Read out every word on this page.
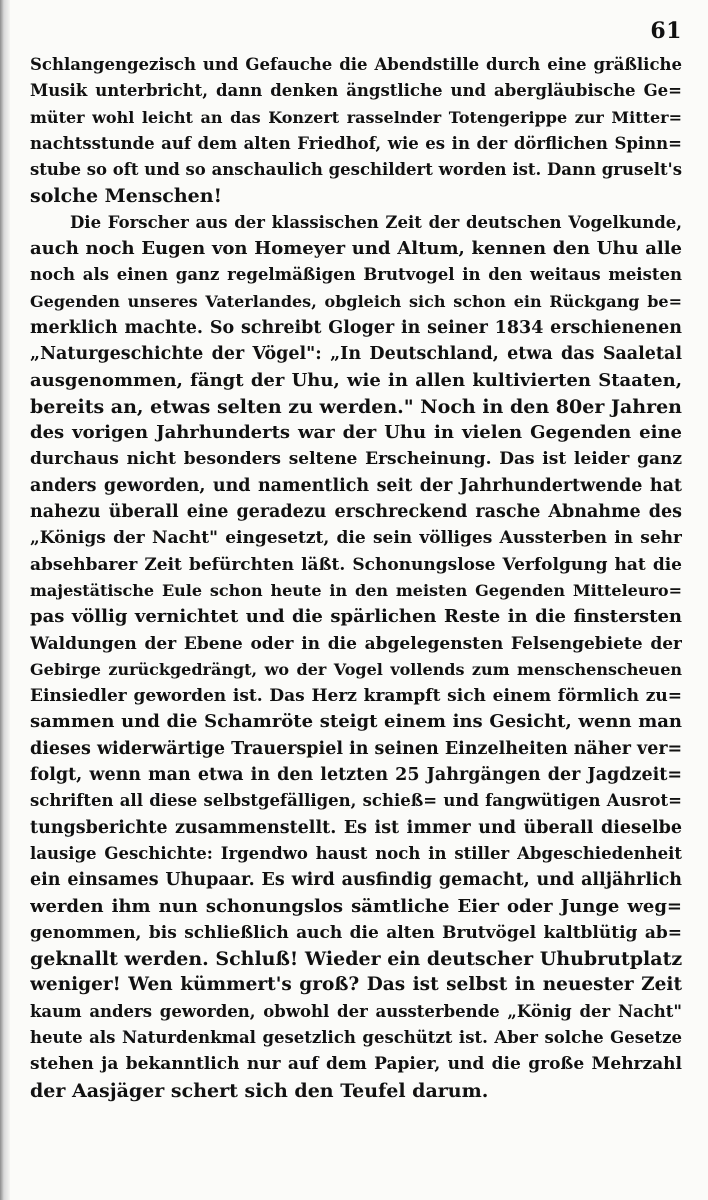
61
Schlangengezisch und Gefauche die Abendstille durch eine gräßliche
Musik unterbricht, dann denken ängstliche und abergläubische Ge=
müter wohl leicht an das Konzert rasselnder Totengerippe zur Mitter=
nachtsstunde auf dem alten Friedhof, wie es in der dörflichen Spinn=
stube so oft und so anschaulich geschildert worden ist. Dann gruselt's
solche Menschen!
Die Forscher aus der klassischen Zeit der deutschen Vogelkunde,
auch noch Eugen von Homeyer und Altum, kennen den Uhu alle
noch als einen ganz regelmäßigen Brutvogel in den weitaus meisten
Gegenden unseres Vaterlandes, obgleich sich schon ein Rückgang be=
merklich machte. So schreibt Gloger in seiner 1834 erschienenen
„Naturgeschichte der Vögel": „In Deutschland, etwa das Saaletal
ausgenommen, fängt der Uhu, wie in allen kultivierten Staaten,
bereits an, etwas selten zu werden." Noch in den 80er Jahren
des vorigen Jahrhunderts war der Uhu in vielen Gegenden eine
durchaus nicht besonders seltene Erscheinung. Das ist leider ganz
anders geworden, und namentlich seit der Jahrhundertwende hat
nahezu überall eine geradezu erschreckend rasche Abnahme des
„Königs der Nacht" eingesetzt, die sein völliges Aussterben in sehr
absehbarer Zeit befürchten läßt. Schonungslose Verfolgung hat die
majestätische Eule schon heute in den meisten Gegenden Mitteleuro=
pas völlig vernichtet und die spärlichen Reste in die finstersten
Waldungen der Ebene oder in die abgelegensten Felsengebiete der
Gebirge zurückgedrängt, wo der Vogel vollends zum menschenscheuen
Einsiedler geworden ist. Das Herz krampft sich einem förmlich zu=
sammen und die Schamröte steigt einem ins Gesicht, wenn man
dieses widerwärtige Trauerspiel in seinen Einzelheiten näher ver=
folgt, wenn man etwa in den letzten 25 Jahrgängen der Jagdzeit=
schriften all diese selbstgefälligen, schieß= und fangwütigen Ausrot=
tungsberichte zusammenstellt. Es ist immer und überall dieselbe
lausige Geschichte: Irgendwo haust noch in stiller Abgeschiedenheit
ein einsames Uhupaar. Es wird ausfindig gemacht, und alljährlich
werden ihm nun schonungslos sämtliche Eier oder Junge weg=
genommen, bis schließlich auch die alten Brutvögel kaltblütig ab=
geknallt werden. Schluß! Wieder ein deutscher Uhubrutplatz
weniger! Wen kümmert's groß? Das ist selbst in neuester Zeit
kaum anders geworden, obwohl der aussterbende „König der Nacht"
heute als Naturdenkmal gesetzlich geschützt ist. Aber solche Gesetze
stehen ja bekanntlich nur auf dem Papier, und die große Mehrzahl
der Aasjäger schert sich den Teufel darum.
